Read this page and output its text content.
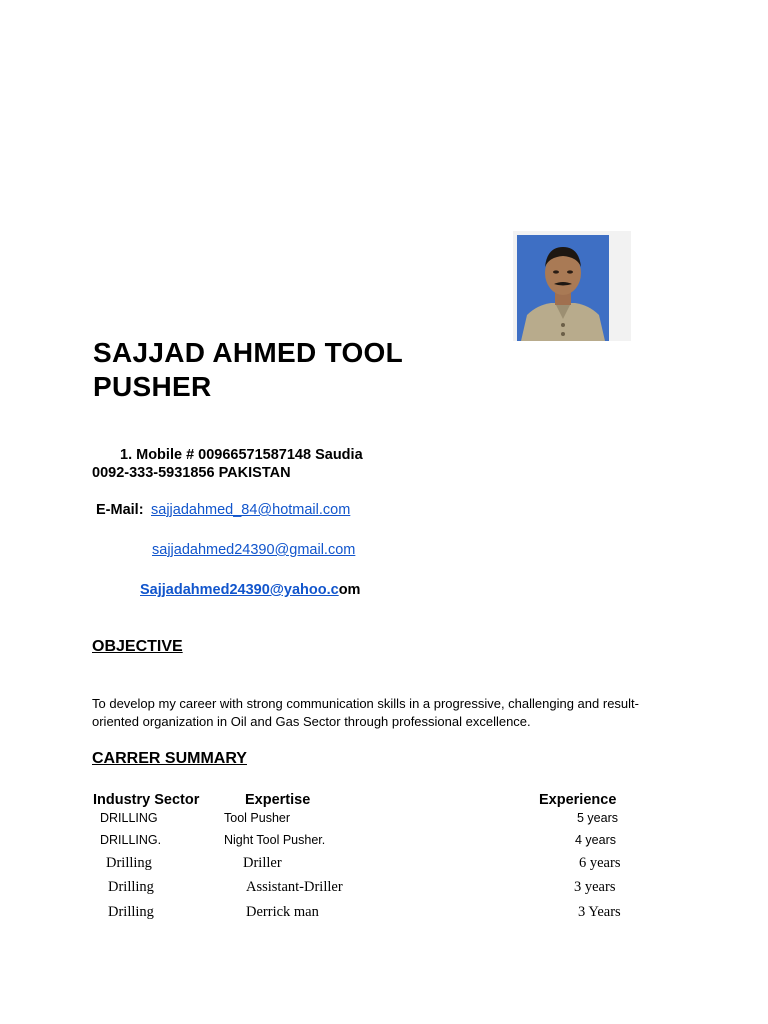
SAJJAD AHMED TOOL PUSHER
1. Mobile # 00966571587148 Saudia
0092-333-5931856 PAKISTAN
E-Mail: sajjadahmed_84@hotmail.com
sajjadahmed24390@gmail.com
Sajjadahmed24390@yahoo.com
OBJECTIVE
To develop my career with strong communication skills in a progressive, challenging and result-oriented organization in Oil and Gas Sector through professional excellence.
CARRER SUMMARY
Industry Sector	Expertise	Experience
DRILLING	Tool Pusher	5 years
DRILLING.	Night Tool Pusher.	4 years
Drilling	Driller	6 years
Drilling	Assistant-Driller	3 years
Drilling	Derrick man	3 Years
